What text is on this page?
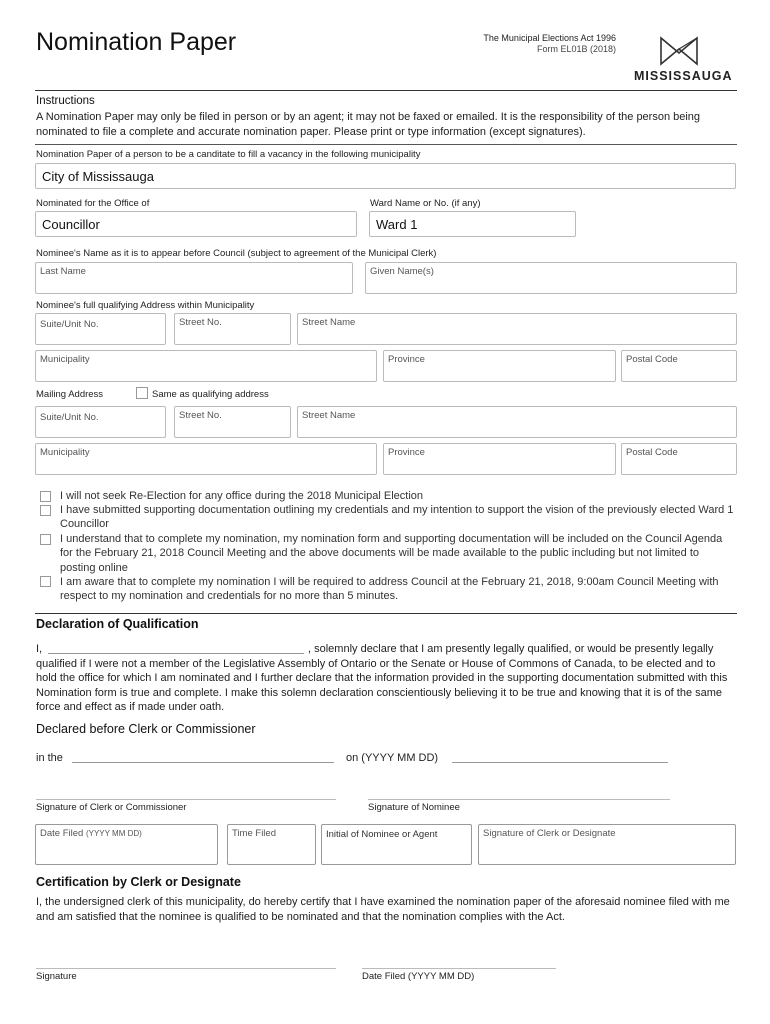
Nomination Paper	The Municipal Elections Act 1996
Form EL01B (2018)
MISSISSAUGA
Instructions
A Nomination Paper may only be filed in person or by an agent; it may not be faxed or emailed. It is the responsibility of the person being nominated to file a complete and accurate nomination paper. Please print or type information (except signatures).
Nomination Paper of a person to be a canditate to fill a vacancy in the following municipality
City of Mississauga
Nominated for the Office of	Ward Name or No. (if any)
Councillor	Ward 1
Nominee's Name as it is to appear before Council (subject to agreement of the Municipal Clerk)
Last Name	Given Name(s)
Nominee's full qualifying Address within Municipality
Suite/Unit No.	Street No.	Street Name
Municipality	Province	Postal Code
Mailing Address	Same as qualifying address
Suite/Unit No.	Street No.	Street Name
Municipality	Province	Postal Code
I will not seek Re-Election for any office during the 2018 Municipal Election
I have submitted supporting documentation outlining my credentials and my intention to support the vision of the previously elected Ward 1 Councillor
I understand that to complete my nomination, my nomination form and supporting documentation will be included on the Council Agenda for the February 21, 2018 Council Meeting and the above documents will be made available to the public including but not limited to posting online
I am aware that to complete my nomination I will be required to address Council at the February 21, 2018, 9:00am Council Meeting with respect to my nomination and credentials for no more than 5 minutes.
Declaration of Qualification
I,	, solemnly declare that I am presently legally qualified, or would be presently legally qualified if I were not a member of the Legislative Assembly of Ontario or the Senate or House of Commons of Canada, to be elected and to hold the office for which I am nominated and I further declare that the information provided in the supporting documentation submitted with this Nomination form is true and complete. I make this solemn declaration conscientiously believing it to be true and knowing that it is of the same force and effect as if made under oath.
Declared before Clerk or Commissioner
in the	on (YYYY MM DD)
Signature of Clerk or Commissioner	Signature of Nominee
Date Filed (YYYY MM DD)	Time Filed	Initial of Nominee or Agent	Signature of Clerk or Designate
Certification by Clerk or Designate
I, the undersigned clerk of this municipality, do hereby certify that I have examined the nomination paper of the aforesaid nominee filed with me and am satisfied that the nominee is qualified to be nominated and that the nomination complies with the Act.
Signature	Date Filed (YYYY MM DD)
